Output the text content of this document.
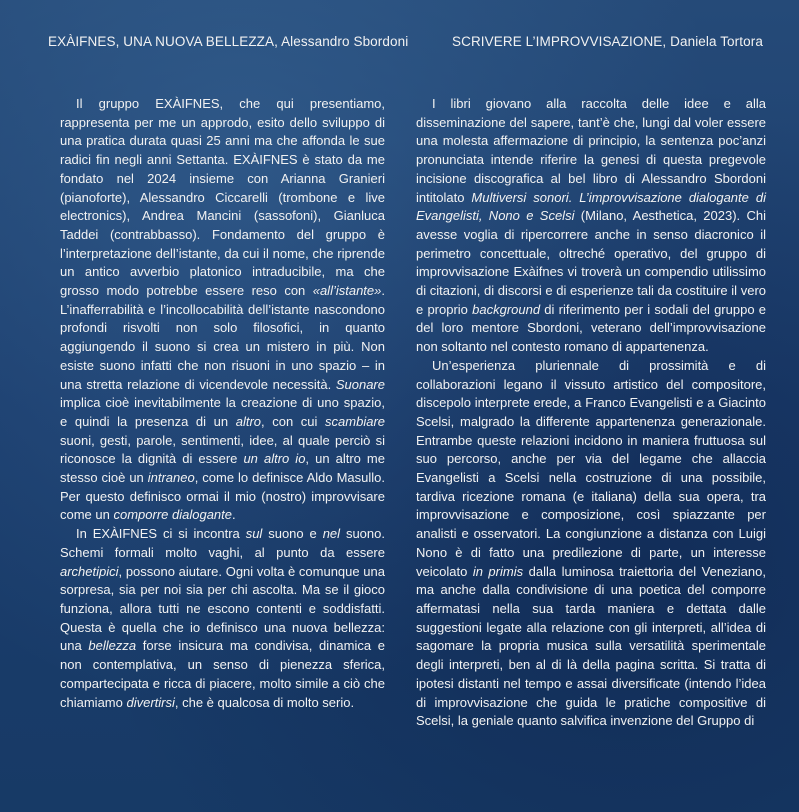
EXÀIFNES, UNA NUOVA BELLEZZA, Alessandro Sbordoni

Il gruppo EXÀIFNES, che qui presentiamo, rappresenta per me un approdo, esito dello sviluppo di una pratica durata quasi 25 anni ma che affonda le sue radici fin negli anni Settanta. EXÀIFNES è stato da me fondato nel 2024 insieme con Arianna Granieri (pianoforte), Alessandro Ciccarelli (trombone e live electronics), Andrea Mancini (sassofoni), Gianluca Taddei (contrabbasso). Fondamento del gruppo è l’interpretazione dell’istante, da cui il nome, che riprende un antico avverbio platonico intraducibile, ma che grosso modo potrebbe essere reso con «all’istante». L’inafferrabilità e l’incollocabilità dell’istante nascondono profondi risvolti non solo filosofici, in quanto aggiungendo il suono si crea un mistero in più. Non esiste suono infatti che non risuoni in uno spazio – in una stretta relazione di vicendevole necessità. Suonare implica cioè inevitabilmente la creazione di uno spazio, e quindi la presenza di un altro, con cui scambiare suoni, gesti, parole, sentimenti, idee, al quale perciò si riconosce la dignità di essere un altro io, un altro me stesso cioè un intraneo, come lo definisce Aldo Masullo. Per questo definisco ormai il mio (nostro) improvvisare come un comporre dialogante.

In EXÀIFNES ci si incontra sul suono e nel suono. Schemi formali molto vaghi, al punto da essere archetipici, possono aiutare. Ogni volta è comunque una sorpresa, sia per noi sia per chi ascolta. Ma se il gioco funziona, allora tutti ne escono contenti e soddisfatti. Questa è quella che io definisco una nuova bellezza: una bellezza forse insicura ma condivisa, dinamica e non contemplativa, un senso di pienezza sferica, compartecipata e ricca di piacere, molto simile a ciò che chiamiamo divertirsi, che è qualcosa di molto serio.

SCRIVERE L’IMPROVVISAZIONE, Daniela Tortora

I libri giovano alla raccolta delle idee e alla disseminazione del sapere, tant’è che, lungi dal voler essere una molesta affermazione di principio, la sentenza poc’anzi pronunciata intende riferire la genesi di questa pregevole incisione discografica al bel libro di Alessandro Sbordoni intitolato Multiversi sonori. L’improvvisazione dialogante di Evangelisti, Nono e Scelsi (Milano, Aesthetica, 2023). Chi avesse voglia di ripercorrere anche in senso diacronico il perimetro concettuale, oltreché operativo, del gruppo di improvvisazione Exàifnes vi troverà un compendio utilissimo di citazioni, di discorsi e di esperienze tali da costituire il vero e proprio background di riferimento per i sodali del gruppo e del loro mentore Sbordoni, veterano dell’improvvisazione non soltanto nel contesto romano di appartenenza.

Un’esperienza pluriennale di prossimità e di collaborazioni legano il vissuto artistico del compositore, discepolo interprete erede, a Franco Evangelisti e a Giacinto Scelsi, malgrado la differente appartenenza generazionale. Entrambe queste relazioni incidono in maniera fruttuosa sul suo percorso, anche per via del legame che allaccia Evangelisti a Scelsi nella costruzione di una possibile, tardiva ricezione romana (e italiana) della sua opera, tra improvvisazione e composizione, così spiazzante per analisti e osservatori. La congiunzione a distanza con Luigi Nono è di fatto una predilezione di parte, un interesse veicolato in primis dalla luminosa traiettoria del Veneziano, ma anche dalla condivisione di una poetica del comporre affermatasi nella sua tarda maniera e dettata dalle suggestioni legate alla relazione con gli interpreti, all’idea di sagomare la propria musica sulla versatilità sperimentale degli interpreti, ben al di là della pagina scritta. Si tratta di ipotesi distanti nel tempo e assai diversificate (intendo l’idea di improvvisazione che guida le pratiche compositive di Scelsi, la geniale quanto salvifica invenzione del Gruppo di
